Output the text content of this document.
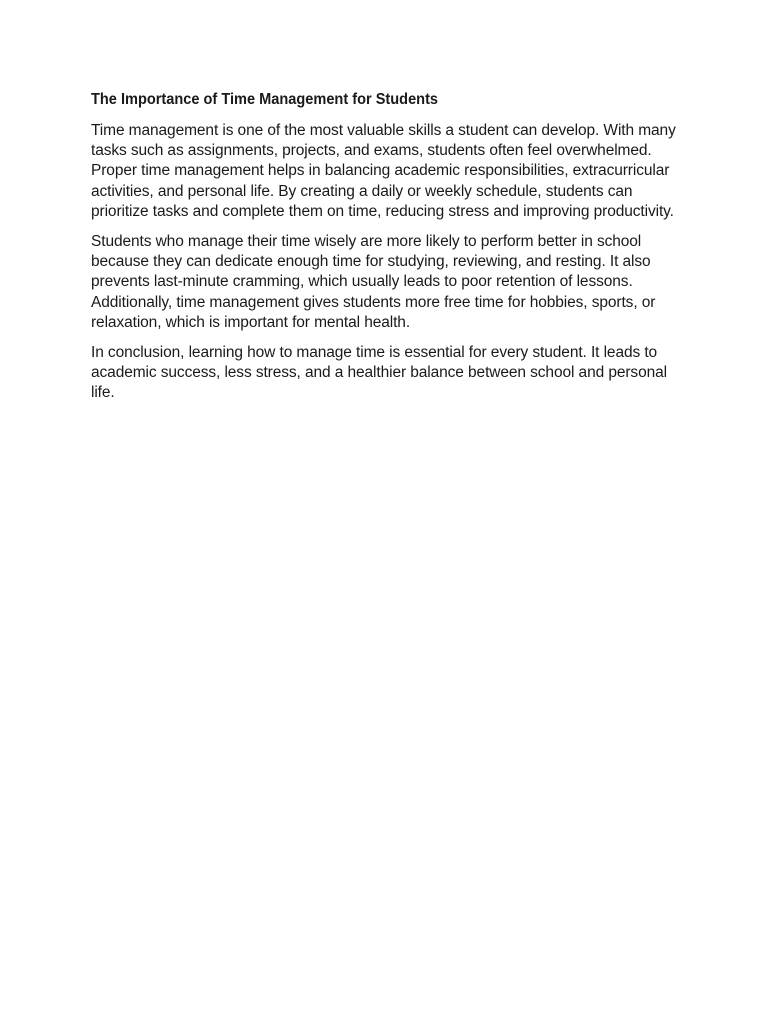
The Importance of Time Management for Students

Time management is one of the most valuable skills a student can develop. With many tasks such as assignments, projects, and exams, students often feel overwhelmed. Proper time management helps in balancing academic responsibilities, extracurricular activities, and personal life. By creating a daily or weekly schedule, students can prioritize tasks and complete them on time, reducing stress and improving productivity.

Students who manage their time wisely are more likely to perform better in school because they can dedicate enough time for studying, reviewing, and resting. It also prevents last-minute cramming, which usually leads to poor retention of lessons. Additionally, time management gives students more free time for hobbies, sports, or relaxation, which is important for mental health.

In conclusion, learning how to manage time is essential for every student. It leads to academic success, less stress, and a healthier balance between school and personal life.
